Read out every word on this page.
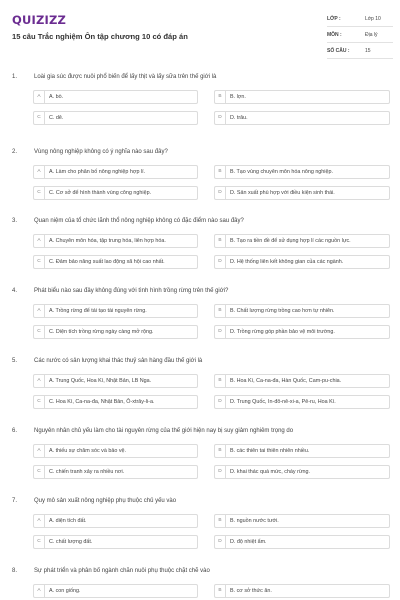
QUIZIZZ
15 câu Trắc nghiệm Ôn tập chương 10 có đáp án
LỚP :	Lớp 10
MÔN :	Địa lý
SỐ CÂU :	15
1.	Loài gia súc được nuôi phổ biến để lấy thịt và lấy sữa trên thế giới là
A	A. bò.	B	B. lợn.
C	C. dê.	D	D. trâu.
2.	Vùng nông nghiệp không có ý nghĩa nào sau đây?
A	A. Làm cho phân bố nông nghiệp hợp lí.	B	B. Tạo vùng chuyên môn hóa nông nghiệp.
C	C. Cơ sở để hình thành vùng công nghiệp.	D	D. Sản xuất phù hợp với điều kiện sinh thái.
3.	Quan niệm của tổ chức lãnh thổ nông nghiệp không có đặc điểm nào sau đây?
A	A. Chuyên môn hóa, tập trung hóa, liên hợp hóa.	B	B. Tạo ra tiền đề để sử dụng hợp lí các nguồn lực.
C	C. Đảm bảo năng suất lao động xã hội cao nhất.	D	D. Hệ thống liên kết không gian của các ngành.
4.	Phát biểu nào sau đây không đúng với tình hình trồng rừng trên thế giới?
A	A. Trồng rừng để tái tạo tài nguyên rừng.	B	B. Chất lượng rừng trồng cao hơn tự nhiên.
C	C. Diện tích trồng rừng ngày càng mở rộng.	D	D. Trồng rừng góp phần bảo vệ môi trường.
5.	Các nước có sản lượng khai thác thuỷ sản hàng đầu thế giới là
A	A. Trung Quốc, Hoa Kì, Nhật Bản, LB Nga.	B	B. Hoa Kì, Ca-na-đa, Hàn Quốc, Cam-pu-chia.
C	C. Hoa Kì, Ca-na-đa, Nhật Bản, Ô-xtrây-li-a.	D	D. Trung Quốc, In-đô-nê-xi-a, Pê-ru, Hoa Kì.
6.	Nguyên nhân chủ yếu làm cho tài nguyên rừng của thế giới hiện nay bị suy giảm nghiêm trọng do
A	A. thiếu sự chăm sóc và bảo vệ.	B	B. các thiên tai thiên nhiên nhiều.
C	C. chiến tranh xảy ra nhiều nơi.	D	D. khai thác quá mức, cháy rừng.
7.	Quy mô sản xuất nông nghiệp phụ thuộc chủ yếu vào
A	A. diện tích đất.	B	B. nguồn nước tưới.
C	C. chất lượng đất.	D	D. độ nhiệt ẩm.
8.	Sự phát triển và phân bố ngành chăn nuôi phụ thuộc chặt chẽ vào
A	A. con giống.	B	B. cơ sở thức ăn.
